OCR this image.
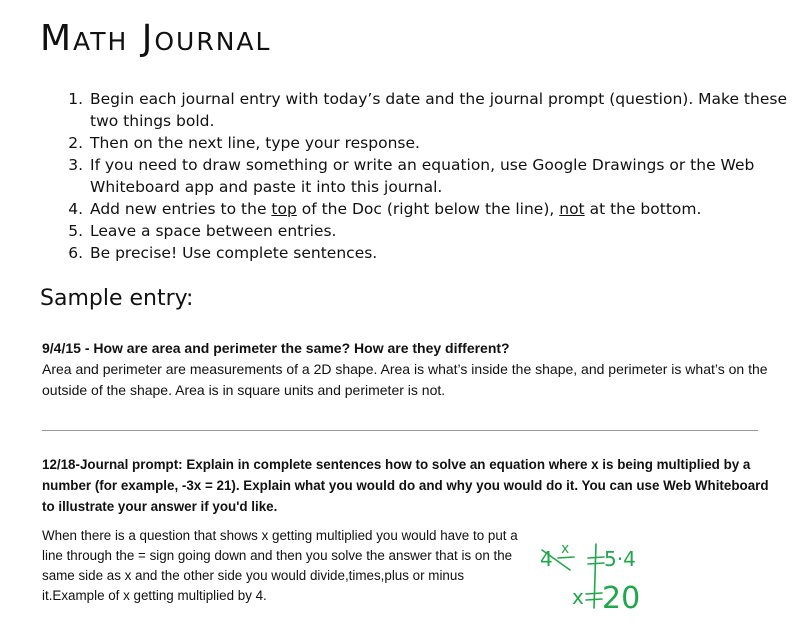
Math Journal
1. Begin each journal entry with today’s date and the journal prompt (question). Make these two things bold.
2. Then on the next line, type your response.
3. If you need to draw something or write an equation, use Google Drawings or the Web Whiteboard app and paste it into this journal.
4. Add new entries to the top of the Doc (right below the line), not at the bottom.
5. Leave a space between entries.
6. Be precise! Use complete sentences.
Sample entry:
9/4/15 - How are area and perimeter the same? How are they different?
Area and perimeter are measurements of a 2D shape. Area is what’s inside the shape, and perimeter is what’s on the outside of the shape. Area is in square units and perimeter is not.
12/18-Journal prompt: Explain in complete sentences how to solve an equation where x is being multiplied by a number (for example, -3x = 21). Explain what you would do and why you would do it. You can use Web Whiteboard to illustrate your answer if you'd like.
When there is a question that shows x getting multiplied you would have to put a line through the = sign going down and then you solve the answer that is on the same side as x and the other side you would divide,times,plus or minus it.Example of x getting multiplied by 4.
4 x 5·4
x 20
